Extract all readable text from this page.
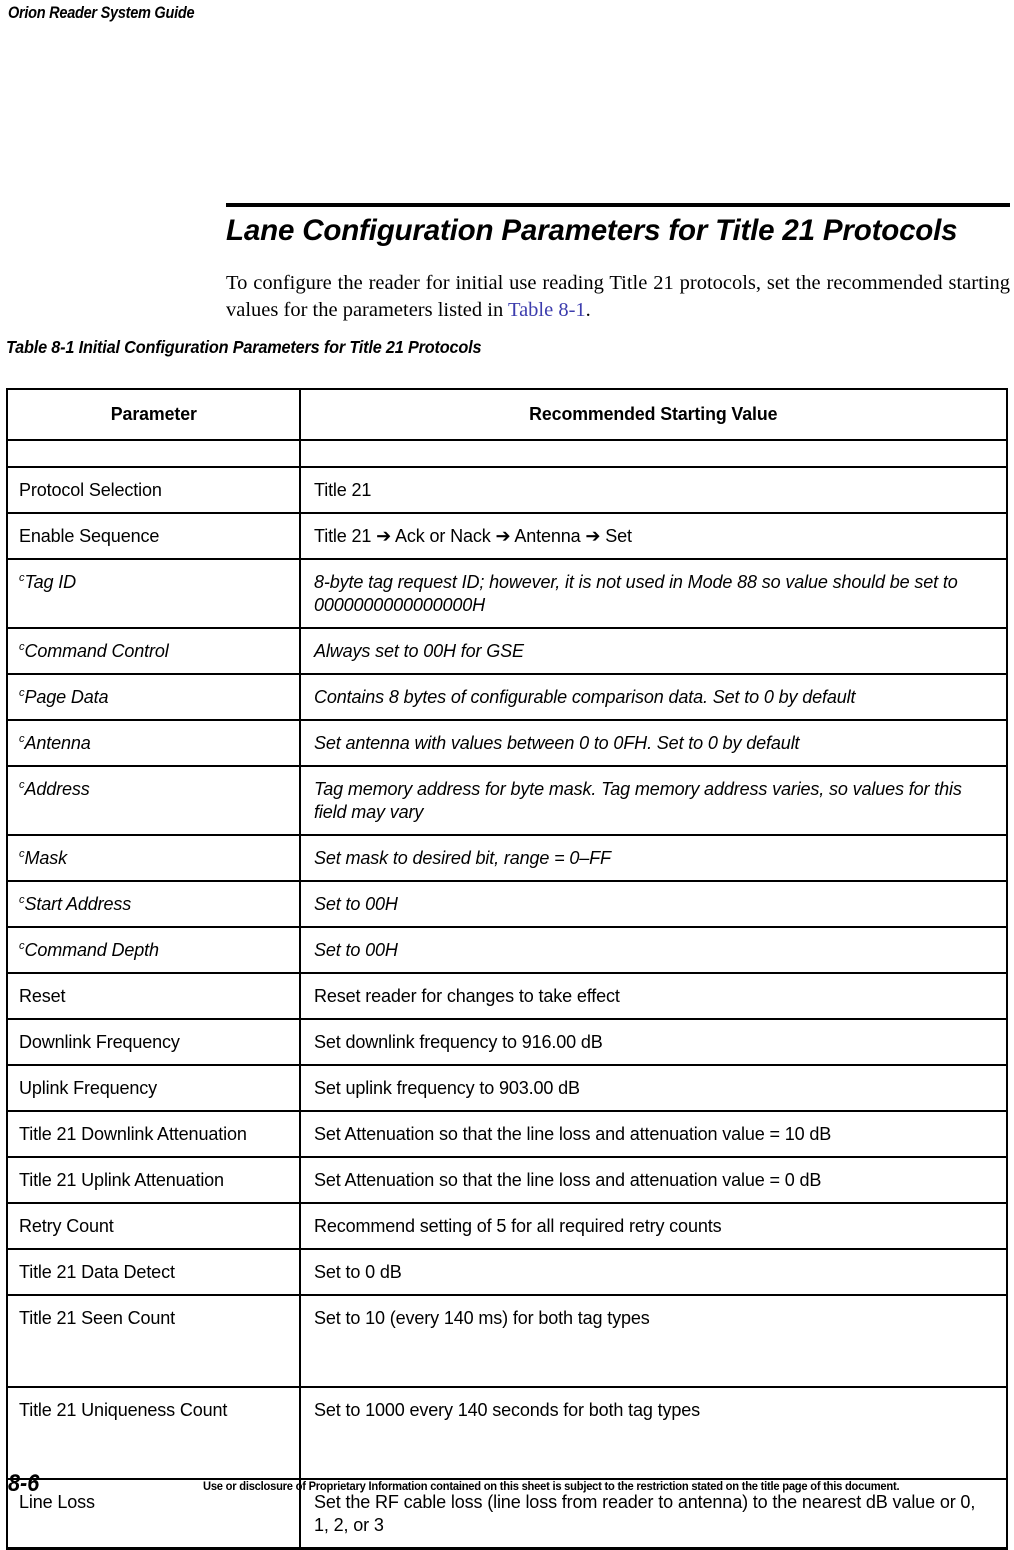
Orion Reader System Guide
Lane Configuration Parameters for Title 21 Protocols

To configure the reader for initial use reading Title 21 protocols, set the recommended starting values for the parameters listed in Table 8-1.

Table 8-1 Initial Configuration Parameters for Title 21 Protocols
Parameter	Recommended Starting Value

Protocol Selection	Title 21

Enable Sequence	Title 21 ➔ Ack or Nack ➔ Antenna ➔ Set

$^c$Tag ID	8-byte tag request ID; however, it is not used in Mode 88 so value should be set to 0000000000000000H

$^c$Command Control	Always set to 00H for GSE

$^c$Page Data	Contains 8 bytes of configurable comparison data. Set to 0 by default

$^c$Antenna	Set antenna with values between 0 to 0FH. Set to 0 by default

$^c$Address	Tag memory address for byte mask. Tag memory address varies, so values for this field may vary

$^c$Mask	Set mask to desired bit, range = 0–FF

$^c$Start Address	Set to 00H

$^c$Command Depth	Set to 00H

Reset	Reset reader for changes to take effect

Downlink Frequency	Set downlink frequency to 916.00 dB

Uplink Frequency	Set uplink frequency to 903.00 dB

Title 21 Downlink Attenuation	Set Attenuation so that the line loss and attenuation value = 10 dB

Title 21 Uplink Attenuation	Set Attenuation so that the line loss and attenuation value = 0 dB

Retry Count	Recommend setting of 5 for all required retry counts

Title 21 Data Detect	Set to 0 dB

Title 21 Seen Count	Set to 10 (every 140 ms) for both tag types

Title 21 Uniqueness Count	Set to 1000 every 140 seconds for both tag types

Line Loss	Set the RF cable loss (line loss from reader to antenna) to the nearest dB value or 0, 1, 2, or 3
8-6	Use or disclosure of Proprietary Information contained on this sheet is subject to the restriction stated on the title page of this document.
